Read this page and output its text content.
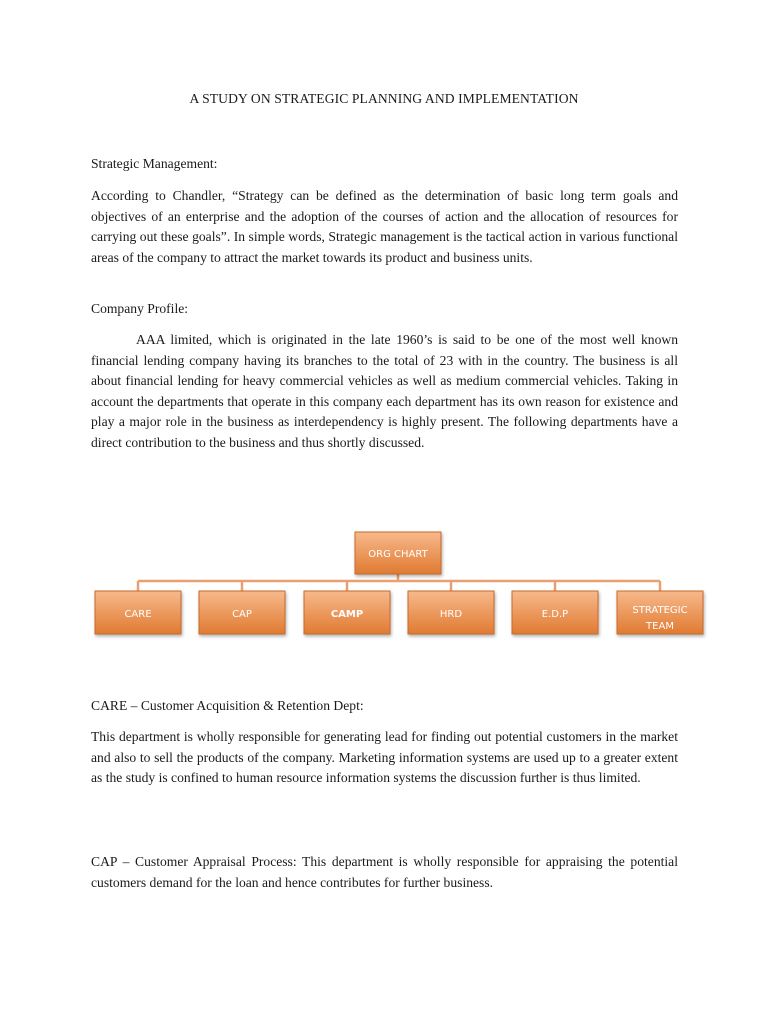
A STUDY ON STRATEGIC PLANNING AND IMPLEMENTATION

Strategic Management:

According to Chandler, “Strategy can be defined as the determination of basic long term goals and objectives of an enterprise and the adoption of the courses of action and the allocation of resources for carrying out these goals”. In simple words, Strategic management is the tactical action in various functional areas of the company to attract the market towards its product and business units.

Company Profile:

AAA limited, which is originated in the late 1960’s is said to be one of the most well known financial lending company having its branches to the total of 23 with in the country. The business is all about financial lending for heavy commercial vehicles as well as medium commercial vehicles. Taking in account the departments that operate in this company each department has its own reason for existence and play a major role in the business as interdependency is highly present. The following departments have a direct contribution to the business and thus shortly discussed.

ORG CHART
CARE	CAP	CAMP	HRD	E.D.P	STRATEGIC
TEAM

CARE – Customer Acquisition & Retention Dept:

This department is wholly responsible for generating lead for finding out potential customers in the market and also to sell the products of the company. Marketing information systems are used up to a greater extent as the study is confined to human resource information systems the discussion further is thus limited.

CAP – Customer Appraisal Process: This department is wholly responsible for appraising the potential customers demand for the loan and hence contributes for further business.
